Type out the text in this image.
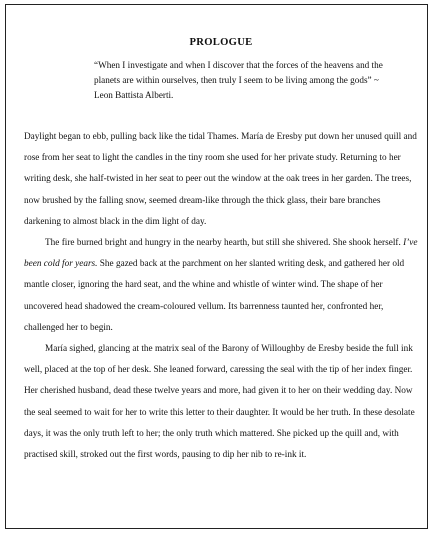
PROLOGUE
“When I investigate and when I discover that the forces of the heavens and the planets are within ourselves, then truly I seem to be living among the gods” ~ Leon Battista Alberti.

Daylight began to ebb, pulling back like the tidal Thames. María de Eresby put down her unused quill and rose from her seat to light the candles in the tiny room she used for her private study. Returning to her writing desk, she half-twisted in her seat to peer out the window at the oak trees in her garden. The trees, now brushed by the falling snow, seemed dream-like through the thick glass, their bare branches darkening to almost black in the dim light of day.

The fire burned bright and hungry in the nearby hearth, but still she shivered. She shook herself. I’ve been cold for years. She gazed back at the parchment on her slanted writing desk, and gathered her old mantle closer, ignoring the hard seat, and the whine and whistle of winter wind. The shape of her uncovered head shadowed the cream-coloured vellum. Its barrenness taunted her, confronted her, challenged her to begin.

María sighed, glancing at the matrix seal of the Barony of Willoughby de Eresby beside the full ink well, placed at the top of her desk. She leaned forward, caressing the seal with the tip of her index finger. Her cherished husband, dead these twelve years and more, had given it to her on their wedding day. Now the seal seemed to wait for her to write this letter to their daughter. It would be her truth. In these desolate days, it was the only truth left to her; the only truth which mattered. She picked up the quill and, with practised skill, stroked out the first words, pausing to dip her nib to re-ink it.
